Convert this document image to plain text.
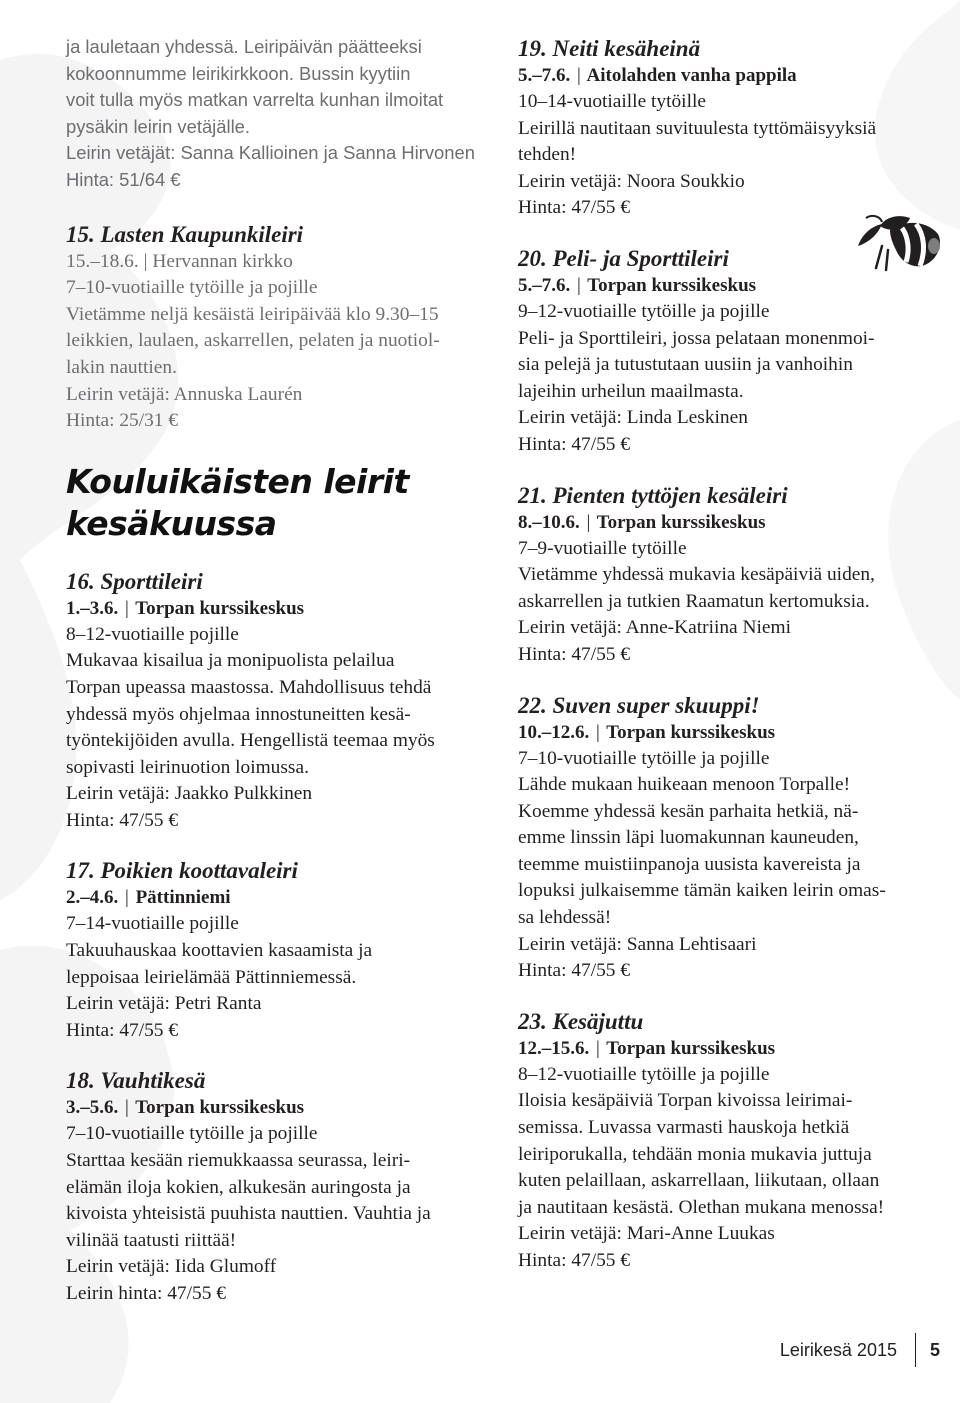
ja lauletaan yhdessä. Leiripäivän päätteeksi
kokoonnumme leirikirkkoon. Bussin kyytiin
voit tulla myös matkan varrelta kunhan ilmoitat
pysäkin leirin vetäjälle.
Leirin vetäjät: Sanna Kallioinen ja Sanna Hirvonen
Hinta: 51/64 €
15. Lasten Kaupunkileiri
15.–18.6. | Hervannan kirkko
7–10-vuotiaille tytöille ja pojille
Vietämme neljä kesäistä leiripäivää klo 9.30–15
leikkien, laulaen, askarrellen, pelaten ja nuotiol-
lakin nauttien.
Leirin vetäjä: Annuska Laurén
Hinta: 25/31 €
Kouluikäisten leirit
kesäkuussa
16. Sporttileiri
1.–3.6. | Torpan kurssikeskus
8–12-vuotiaille pojille
Mukavaa kisailua ja monipuolista pelailua
Torpan upeassa maastossa. Mahdollisuus tehdä
yhdessä myös ohjelmaa innostuneitten kesä-
työntekijöiden avulla. Hengellistä teemaa myös
sopivasti leirinuotion loimussa.
Leirin vetäjä: Jaakko Pulkkinen
Hinta: 47/55 €
17. Poikien koottavaleiri
2.–4.6. | Pättinniemi
7–14-vuotiaille pojille
Takuuhauskaa koottavien kasaamista ja
leppoisaa leirielämää Pättinniemessä.
Leirin vetäjä: Petri Ranta
Hinta: 47/55 €
18. Vauhtikesä
3.–5.6. | Torpan kurssikeskus
7–10-vuotiaille tytöille ja pojille
Starttaa kesään riemukkaassa seurassa, leiri-
elämän iloja kokien, alkukesän auringosta ja
kivoista yhteisistä puuhista nauttien. Vauhtia ja
vilinää taatusti riittää!
Leirin vetäjä: Iida Glumoff
Leirin hinta: 47/55 €
19. Neiti kesäheinä
5.–7.6. | Aitolahden vanha pappila
10–14-vuotiaille tytöille
Leirillä nautitaan suvituulesta tyttömäisyyksiä
tehden!
Leirin vetäjä: Noora Soukkio
Hinta: 47/55 €
20. Peli- ja Sporttileiri
5.–7.6. | Torpan kurssikeskus
9–12-vuotiaille tytöille ja pojille
Peli- ja Sporttileiri, jossa pelataan monenmoi-
sia pelejä ja tutustutaan uusiin ja vanhoihin
lajeihin urheilun maailmasta.
Leirin vetäjä: Linda Leskinen
Hinta: 47/55 €
21. Pienten tyttöjen kesäleiri
8.–10.6. | Torpan kurssikeskus
7–9-vuotiaille tytöille
Vietämme yhdessä mukavia kesäpäiviä uiden,
askarrellen ja tutkien Raamatun kertomuksia.
Leirin vetäjä: Anne-Katriina Niemi
Hinta: 47/55 €
22. Suven super skuuppi!
10.–12.6. | Torpan kurssikeskus
7–10-vuotiaille tytöille ja pojille
Lähde mukaan huikeaan menoon Torpalle!
Koemme yhdessä kesän parhaita hetkiä, nä-
emme linssin läpi luomakunnan kauneuden,
teemme muistiinpanoja uusista kavereista ja
lopuksi julkaisemme tämän kaiken leirin omas-
sa lehdessä!
Leirin vetäjä: Sanna Lehtisaari
Hinta: 47/55 €
23. Kesäjuttu
12.–15.6. | Torpan kurssikeskus
8–12-vuotiaille tytöille ja pojille
Iloisia kesäpäiviä Torpan kivoissa leirimai-
semissa. Luvassa varmasti hauskoja hetkiä
leiriporukalla, tehdään monia mukavia juttuja
kuten pelaillaan, askarrellaan, liikutaan, ollaan
ja nautitaan kesästä. Olethan mukana menossa!
Leirin vetäjä: Mari-Anne Luukas
Hinta: 47/55 €
Leirikesä 2015 5
